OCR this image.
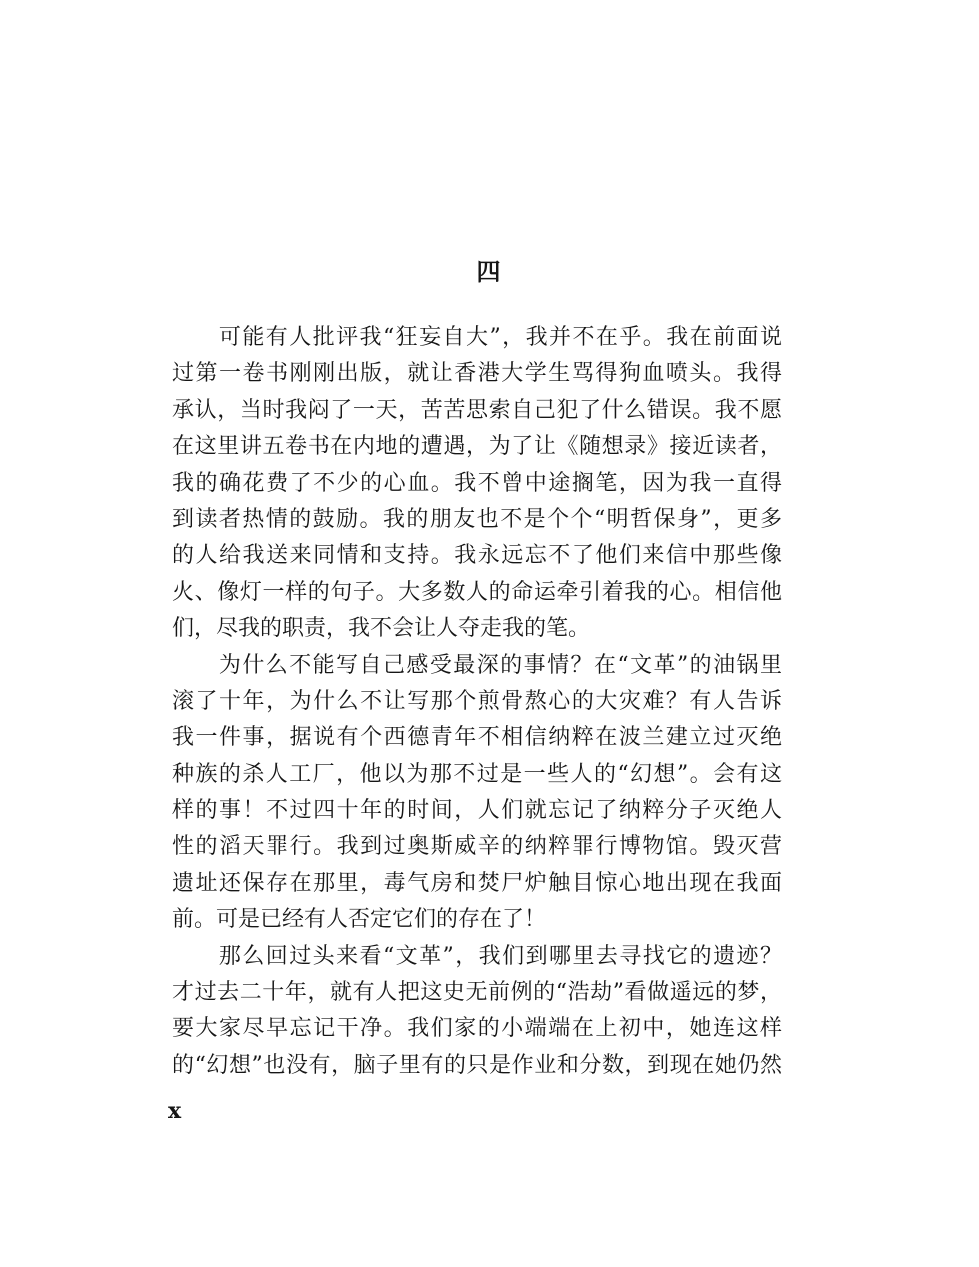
四
　　可能有人批评我“狂妄自大”，我并不在乎。我在前面说
过第一卷书刚刚出版，就让香港大学生骂得狗血喷头。我得
承认，当时我闷了一天，苦苦思索自己犯了什么错误。我不愿
在这里讲五卷书在内地的遭遇，为了让《随想录》接近读者，
我的确花费了不少的心血。我不曾中途搁笔，因为我一直得
到读者热情的鼓励。我的朋友也不是个个“明哲保身”，更多
的人给我送来同情和支持。我永远忘不了他们来信中那些像
火、像灯一样的句子。大多数人的命运牵引着我的心。相信他
们，尽我的职责，我不会让人夺走我的笔。
　　为什么不能写自己感受最深的事情？在“文革”的油锅里
滚了十年，为什么不让写那个煎骨熬心的大灾难？有人告诉
我一件事，据说有个西德青年不相信纳粹在波兰建立过灭绝
种族的杀人工厂，他以为那不过是一些人的“幻想”。会有这
样的事！不过四十年的时间，人们就忘记了纳粹分子灭绝人
性的滔天罪行。我到过奥斯威辛的纳粹罪行博物馆。毁灭营
遗址还保存在那里，毒气房和焚尸炉触目惊心地出现在我面
前。可是已经有人否定它们的存在了！
　　那么回过头来看“文革”，我们到哪里去寻找它的遗迹？
才过去二十年，就有人把这史无前例的“浩劫”看做遥远的梦，
要大家尽早忘记干净。我们家的小端端在上初中，她连这样
的“幻想”也没有，脑子里有的只是作业和分数，到现在她仍然
x
